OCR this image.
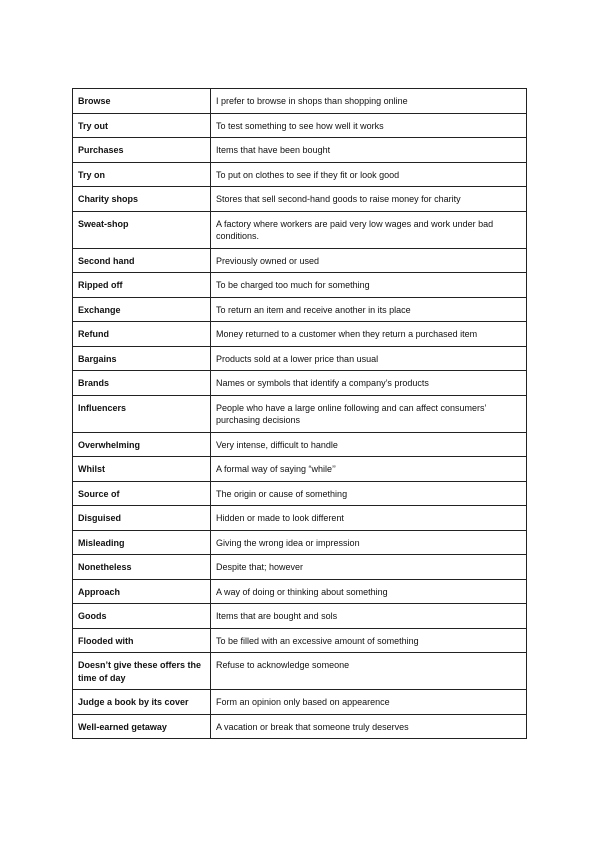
Browse	I prefer to browse in shops than shopping online
Try out	To test something to see how well it works
Purchases	Items that have been bought
Try on	To put on clothes to see if they fit or look good
Charity shops	Stores that sell second-hand goods to raise money for charity
Sweat-shop	A factory where workers are paid very low wages and work under bad conditions.
Second hand	Previously owned or used
Ripped off	To be charged too much for something
Exchange	To return an item and receive another in its place
Refund	Money returned to a customer when they return a purchased item
Bargains	Products sold at a lower price than usual
Brands	Names or symbols that identify a company’s products
Influencers	People who have a large online following and can affect consumers’ purchasing decisions
Overwhelming	Very intense, difficult to handle
Whilst	A formal way of saying “while’’
Source of	The origin or cause of something
Disguised	Hidden or made to look different
Misleading	Giving the wrong idea or impression
Nonetheless	Despite that; however
Approach	A way of doing or thinking about something
Goods	Items that are bought and sols
Flooded with	To be filled with an excessive amount of something
Doesn’t give these offers the time of day	Refuse to acknowledge someone
Judge a book by its cover	Form an opinion only based on appearence
Well-earned getaway	A vacation or break that someone truly deserves
